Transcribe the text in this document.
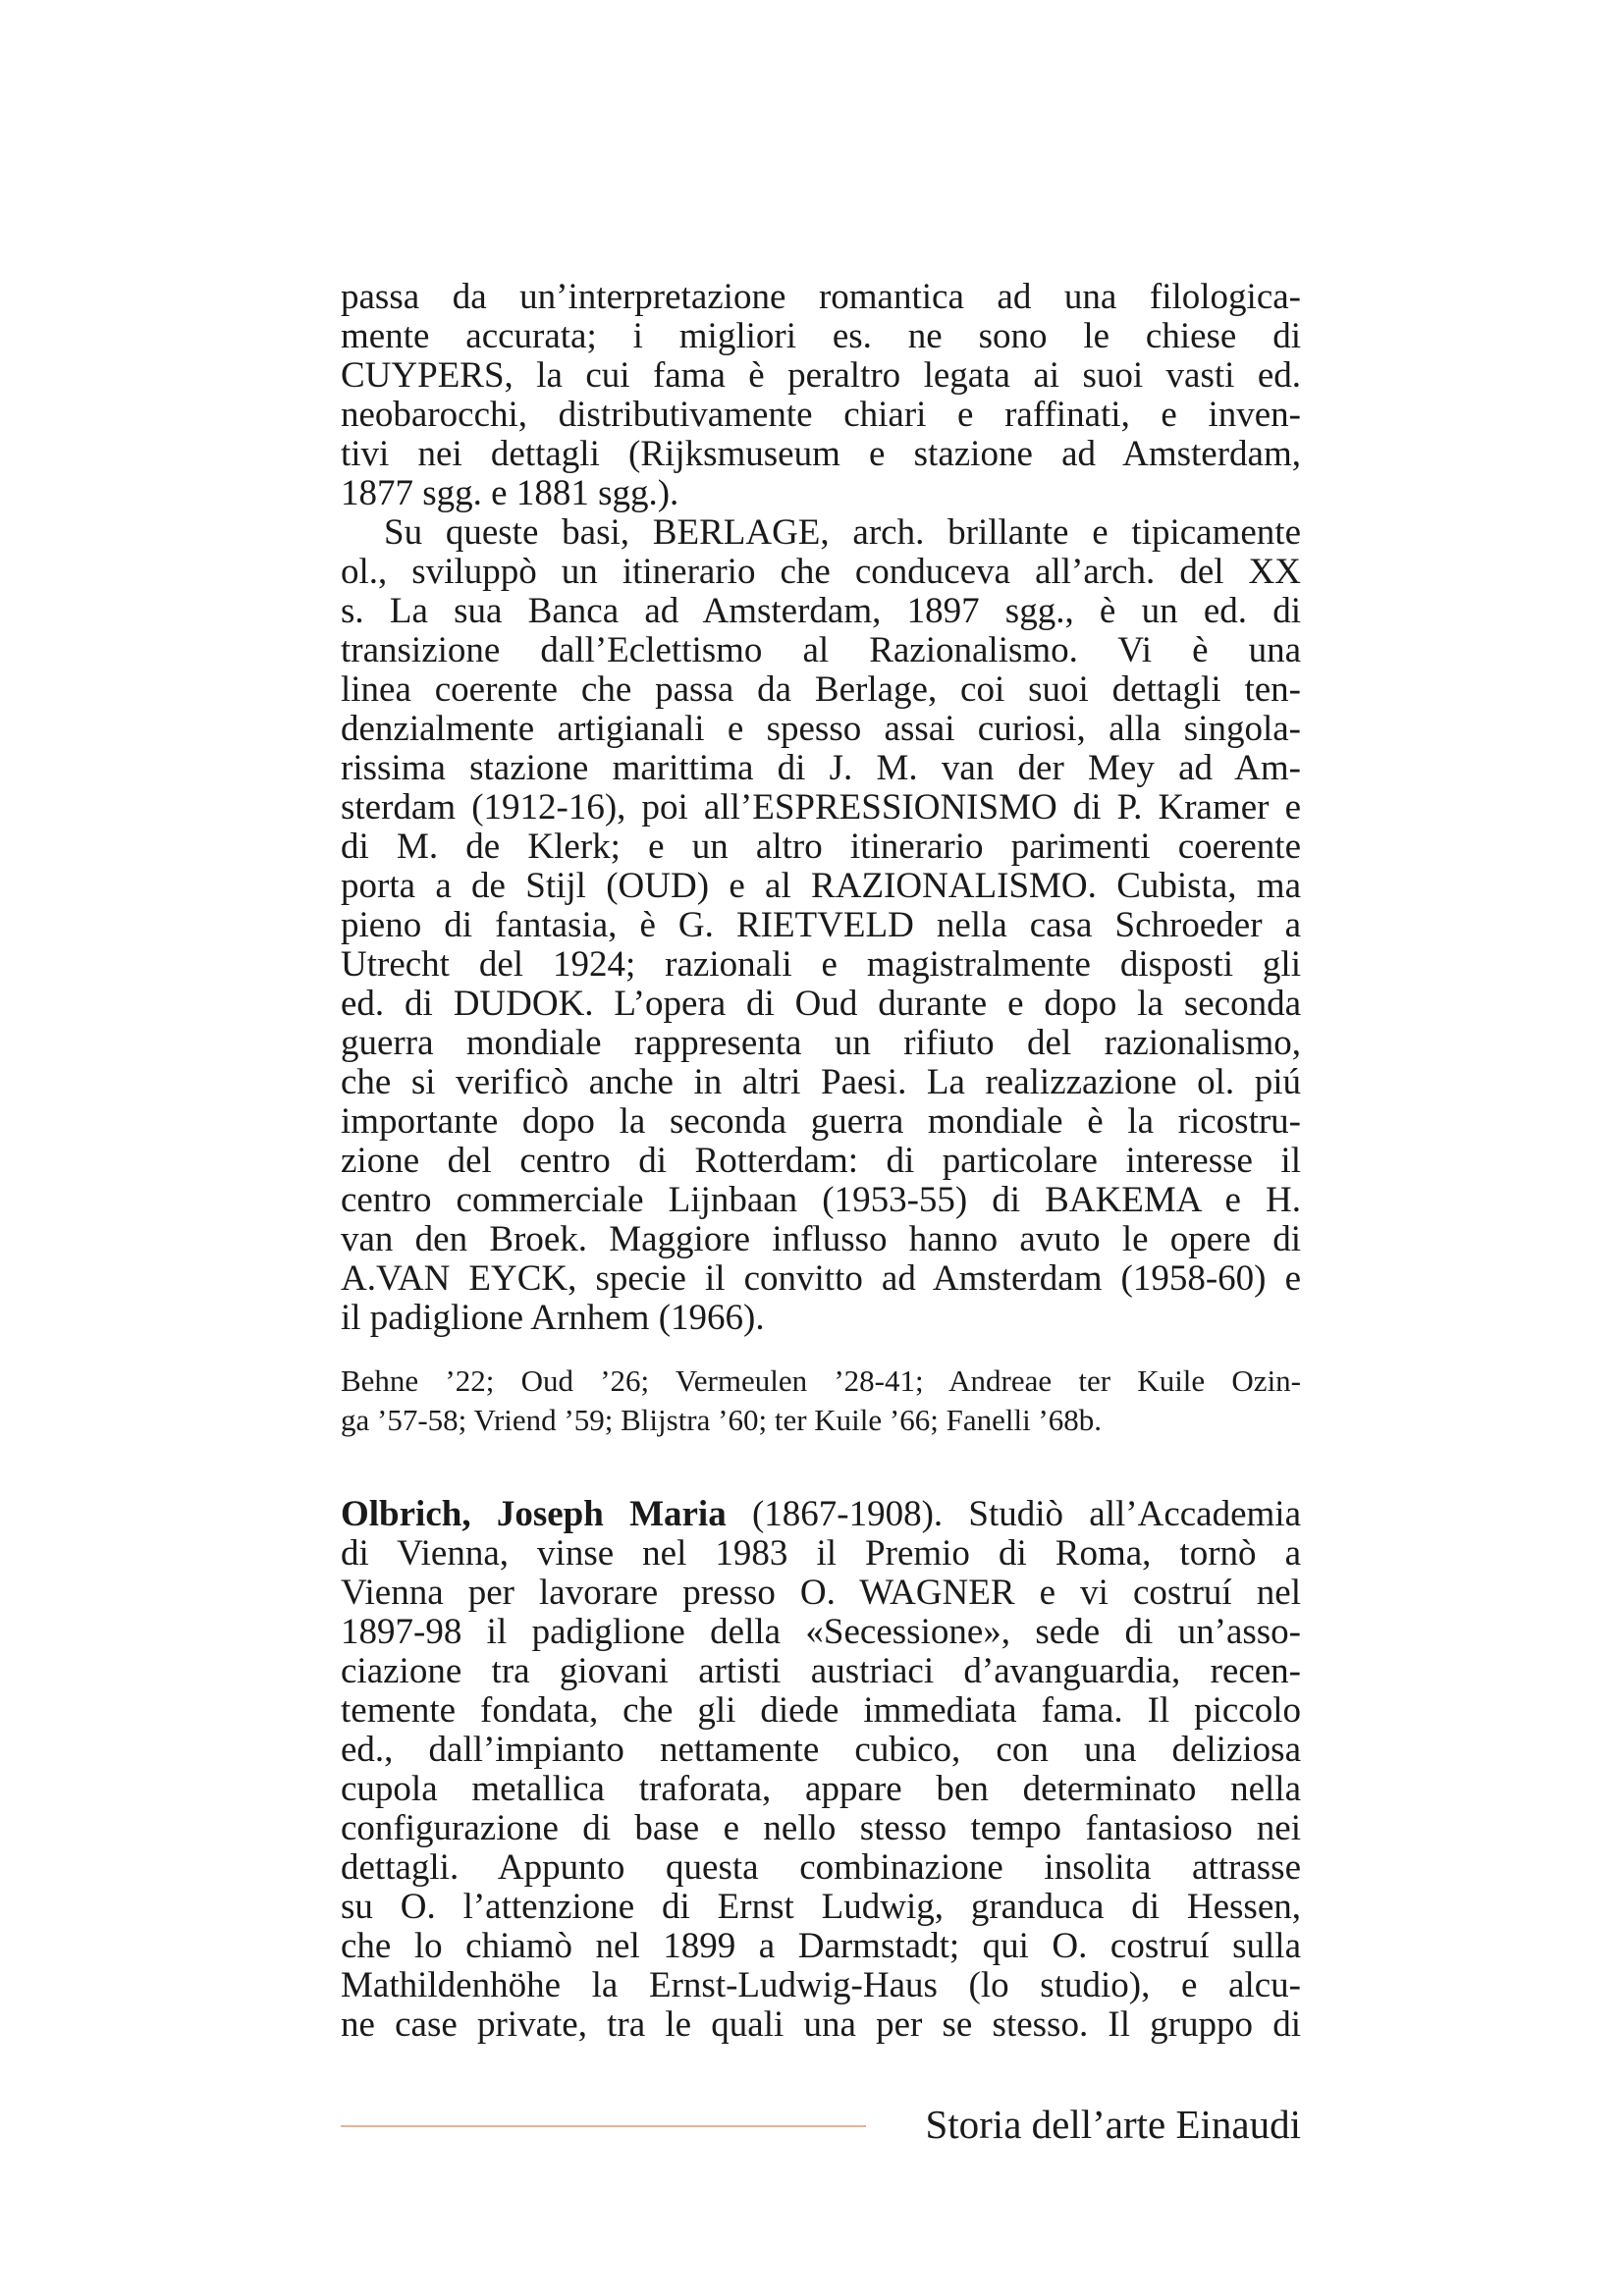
passa da un’interpretazione romantica ad una filologica-
mente accurata; i migliori es. ne sono le chiese di
CUYPERS, la cui fama è peraltro legata ai suoi vasti ed.
neobarocchi, distributivamente chiari e raffinati, e inven-
tivi nei dettagli (Rijksmuseum e stazione ad Amsterdam,
1877 sgg. e 1881 sgg.).
Su queste basi, BERLAGE, arch. brillante e tipicamente
ol., sviluppò un itinerario che conduceva all’arch. del XX
s. La sua Banca ad Amsterdam, 1897 sgg., è un ed. di
transizione dall’Eclettismo al Razionalismo. Vi è una
linea coerente che passa da Berlage, coi suoi dettagli ten-
denzialmente artigianali e spesso assai curiosi, alla singola-
rissima stazione marittima di J. M. van der Mey ad Am-
sterdam (1912-16), poi all’ESPRESSIONISMO di P. Kramer e
di M. de Klerk; e un altro itinerario parimenti coerente
porta a de Stijl (OUD) e al RAZIONALISMO. Cubista, ma
pieno di fantasia, è G. RIETVELD nella casa Schroeder a
Utrecht del 1924; razionali e magistralmente disposti gli
ed. di DUDOK. L’opera di Oud durante e dopo la seconda
guerra mondiale rappresenta un rifiuto del razionalismo,
che si verificò anche in altri Paesi. La realizzazione ol. piú
importante dopo la seconda guerra mondiale è la ricostru-
zione del centro di Rotterdam: di particolare interesse il
centro commerciale Lijnbaan (1953-55) di BAKEMA e H.
van den Broek. Maggiore influsso hanno avuto le opere di
A.VAN EYCK, specie il convitto ad Amsterdam (1958-60) e
il padiglione Arnhem (1966).
Behne ’22; Oud ’26; Vermeulen ’28-41; Andreae ter Kuile Ozin-
ga ’57-58; Vriend ’59; Blijstra ’60; ter Kuile ’66; Fanelli ’68b.
Olbrich, Joseph Maria (1867-1908). Studiò all’Accademia
di Vienna, vinse nel 1983 il Premio di Roma, tornò a
Vienna per lavorare presso O. WAGNER e vi costruí nel
1897-98 il padiglione della «Secessione», sede di un’asso-
ciazione tra giovani artisti austriaci d’avanguardia, recen-
temente fondata, che gli diede immediata fama. Il piccolo
ed., dall’impianto nettamente cubico, con una deliziosa
cupola metallica traforata, appare ben determinato nella
configurazione di base e nello stesso tempo fantasioso nei
dettagli. Appunto questa combinazione insolita attrasse
su O. l’attenzione di Ernst Ludwig, granduca di Hessen,
che lo chiamò nel 1899 a Darmstadt; qui O. costruí sulla
Mathildenhöhe la Ernst-Ludwig-Haus (lo studio), e alcu-
ne case private, tra le quali una per se stesso. Il gruppo di
Storia dell’arte Einaudi
